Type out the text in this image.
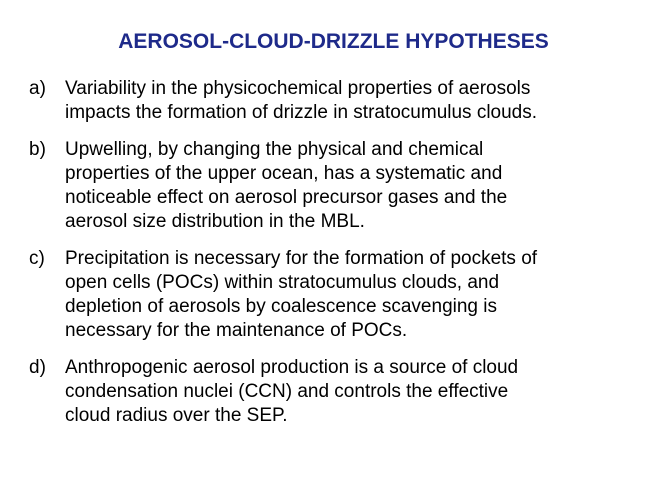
AEROSOL-CLOUD-DRIZZLE HYPOTHESES
a)	Variability in the physicochemical properties of aerosols
impacts the formation of drizzle in stratocumulus clouds.
b)	Upwelling, by changing the physical and chemical
properties of the upper ocean, has a systematic and
noticeable effect on aerosol precursor gases and the
aerosol size distribution in the MBL.
c)	Precipitation is necessary for the formation of pockets of
open cells (POCs) within stratocumulus clouds, and
depletion of aerosols by coalescence scavenging is
necessary for the maintenance of POCs.
d)	Anthropogenic aerosol production is a source of cloud
condensation nuclei (CCN) and controls the effective
cloud radius over the SEP.
